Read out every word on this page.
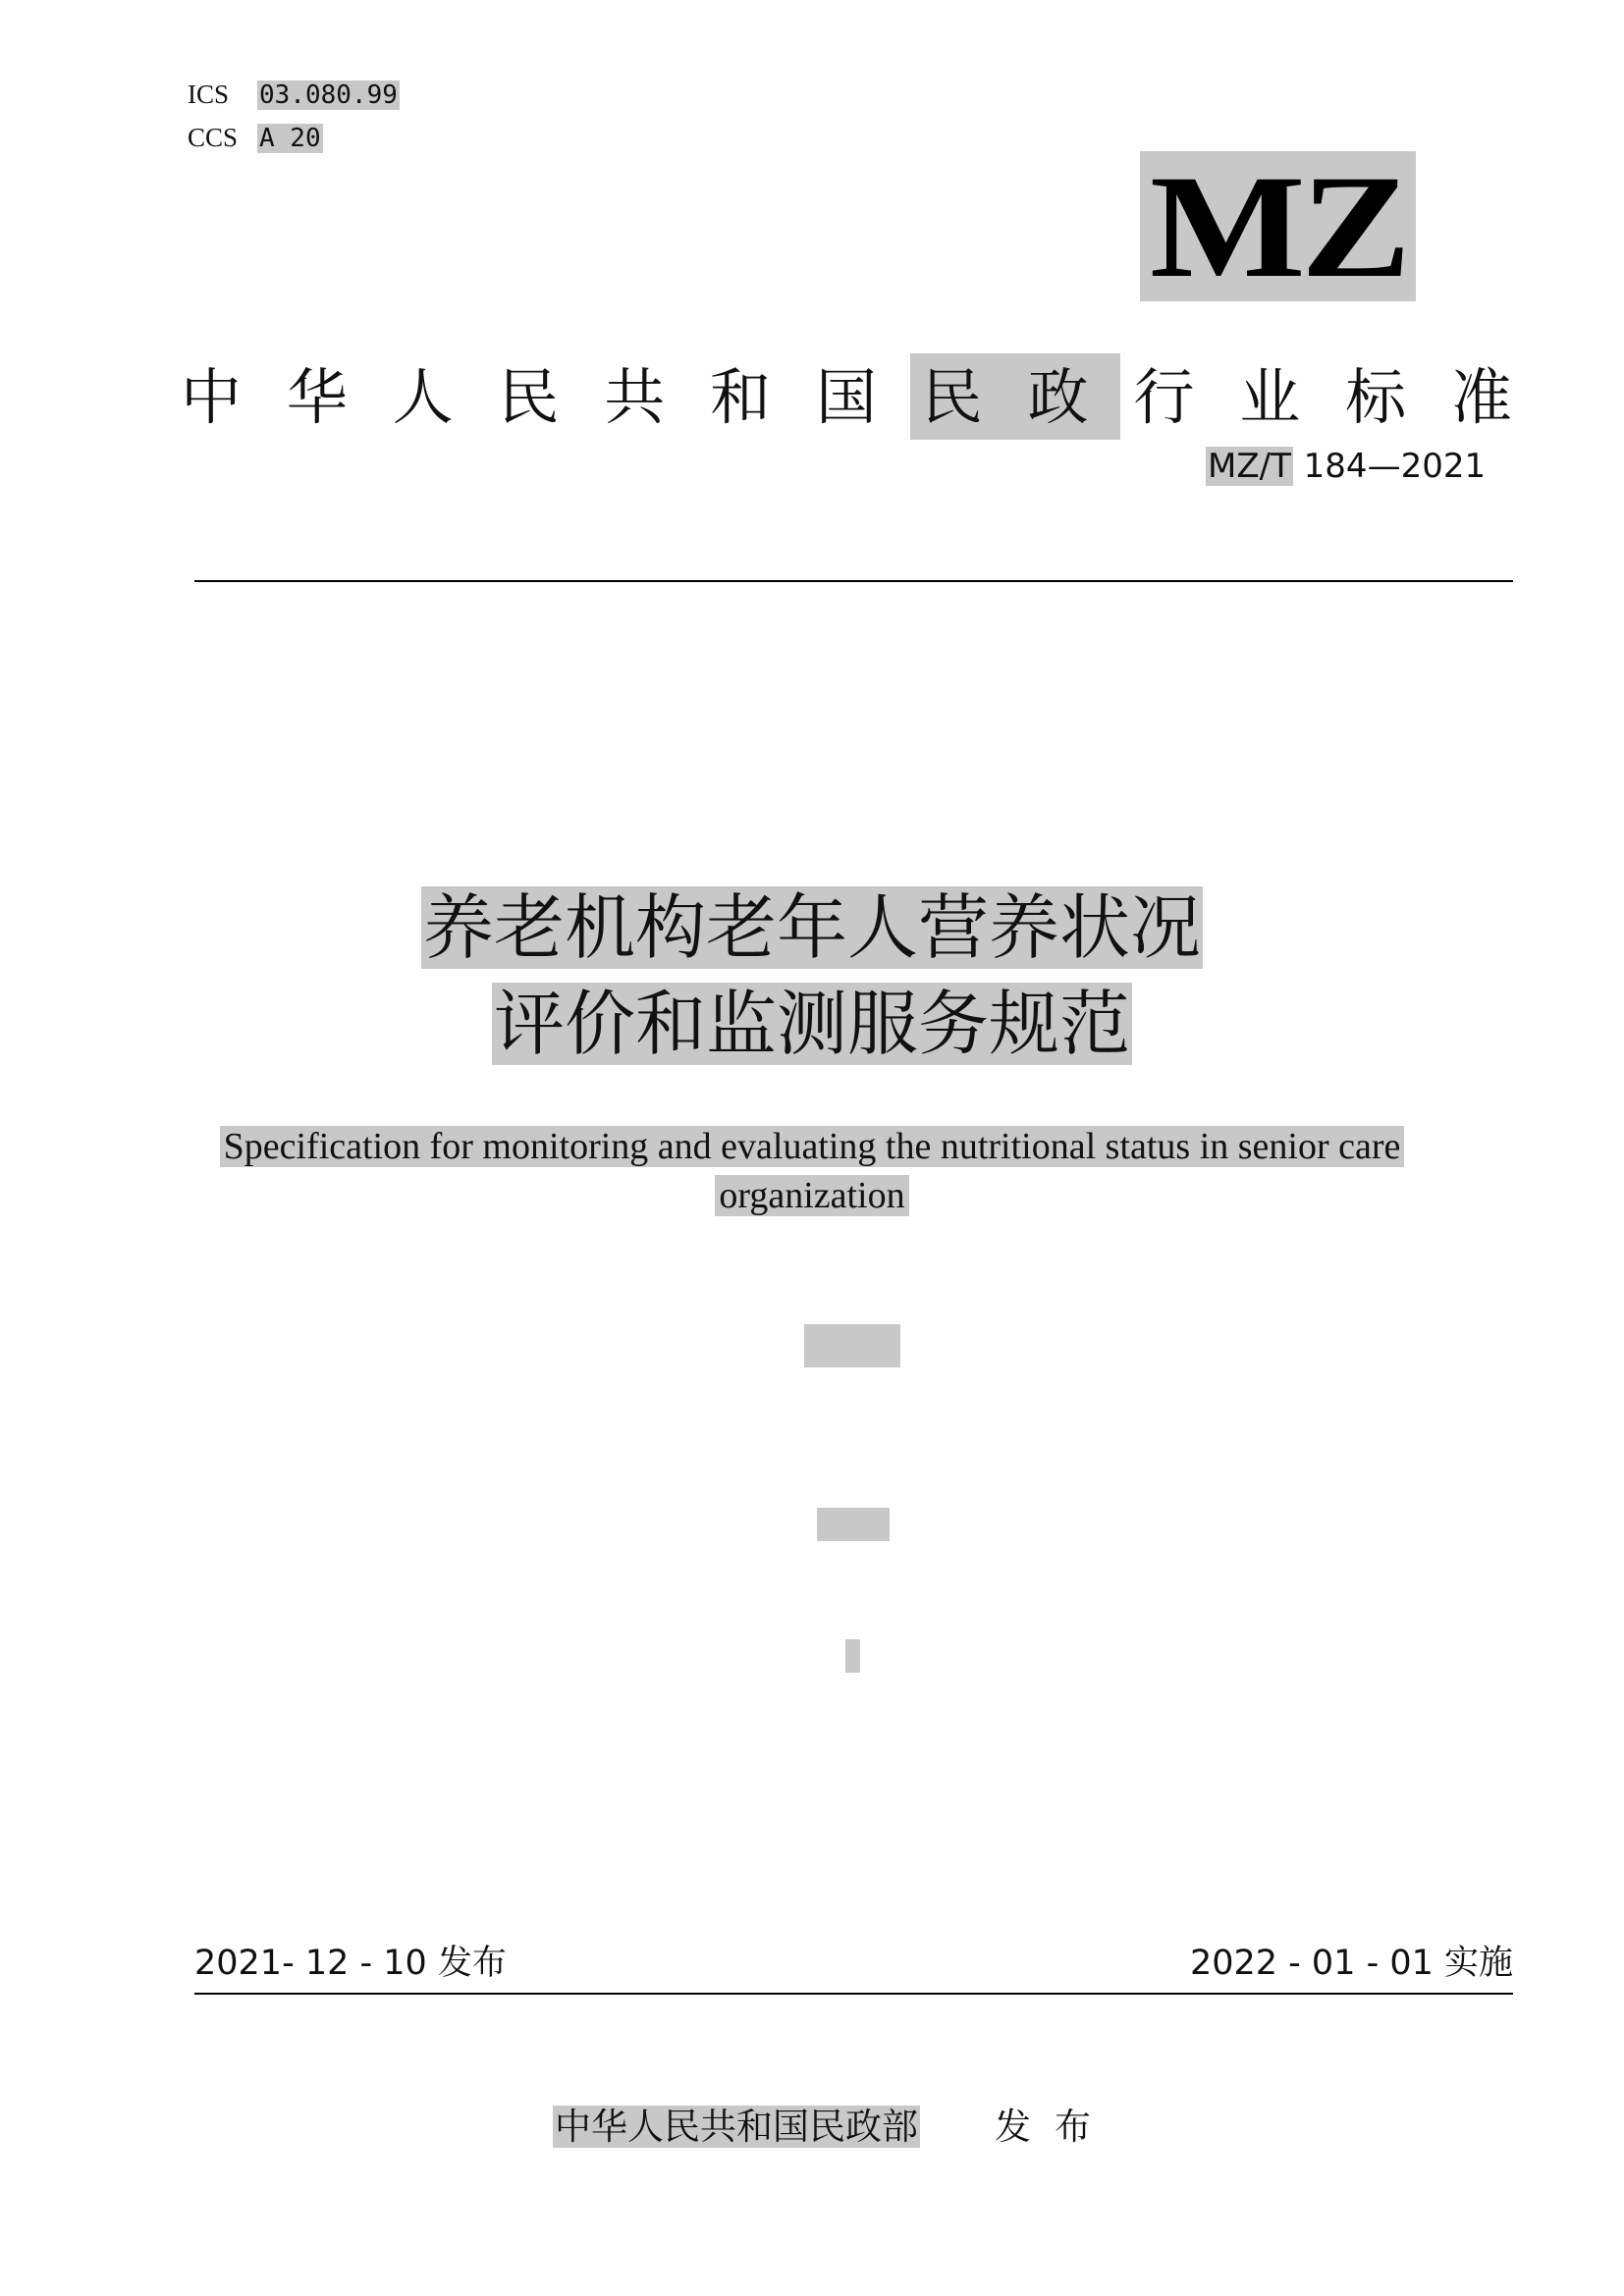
ICS 03.080.99
CCS A 20
MZ
中 华 人 民 共 和 国 民 政 行 业 标 准
MZ/T 184—2021
养老机构老年人营养状况
评价和监测服务规范
Specification for monitoring and evaluating the nutritional status in senior care
organization
2021- 12 - 10 发布	2022 - 01 - 01 实施
中华人民共和国民政部 发布
